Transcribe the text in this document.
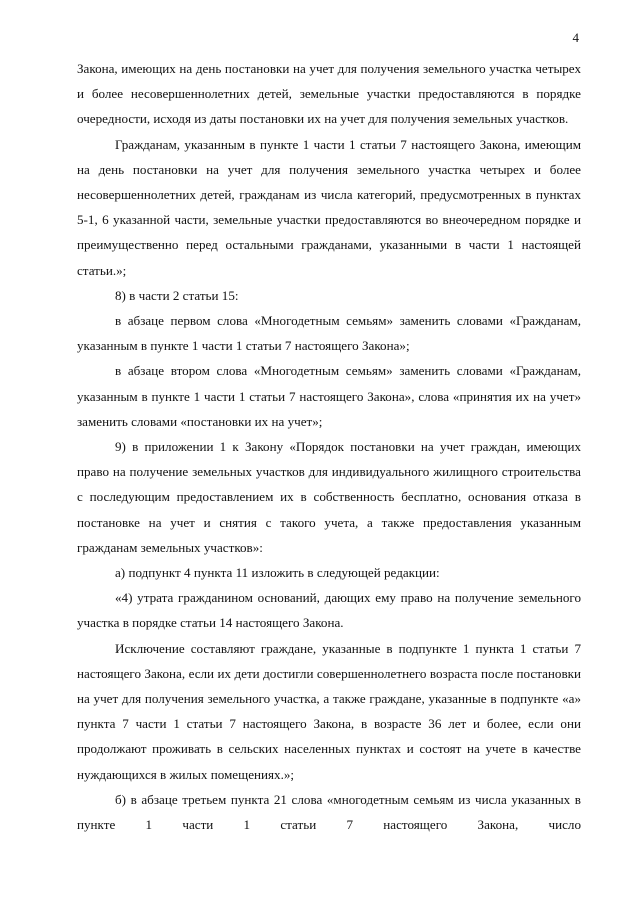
4

Закона, имеющих на день постановки на учет для получения земельного участка четырех и более несовершеннолетних детей, земельные участки предоставляются в порядке очередности, исходя из даты постановки их на учет для получения земельных участков.

Гражданам, указанным в пункте 1 части 1 статьи 7 настоящего Закона, имеющим на день постановки на учет для получения земельного участка четырех и более несовершеннолетних детей, гражданам из числа категорий, предусмотренных в пунктах 5-1, 6 указанной части, земельные участки предоставляются во внеочередном порядке и преимущественно перед остальными гражданами, указанными в части 1 настоящей статьи.»;

8) в части 2 статьи 15:

в абзаце первом слова «Многодетным семьям» заменить словами «Гражданам, указанным в пункте 1 части 1 статьи 7 настоящего Закона»;

в абзаце втором слова «Многодетным семьям» заменить словами «Гражданам, указанным в пункте 1 части 1 статьи 7 настоящего Закона», слова «принятия их на учет» заменить словами «постановки их на учет»;

9) в приложении 1 к Закону «Порядок постановки на учет граждан, имеющих право на получение земельных участков для индивидуального жилищного строительства с последующим предоставлением их в собственность бесплатно, основания отказа в постановке на учет и снятия с такого учета, а также предоставления указанным гражданам земельных участков»:

а) подпункт 4 пункта 11 изложить в следующей редакции:

«4) утрата гражданином оснований, дающих ему право на получение земельного участка в порядке статьи 14 настоящего Закона.

Исключение составляют граждане, указанные в подпункте 1 пункта 1 статьи 7 настоящего Закона, если их дети достигли совершеннолетнего возраста после постановки на учет для получения земельного участка, а также граждане, указанные в подпункте «а» пункта 7 части 1 статьи 7 настоящего Закона, в возрасте 36 лет и более, если они продолжают проживать в сельских населенных пунктах и состоят на учете в качестве нуждающихся в жилых помещениях.»;

б) в абзаце третьем пункта 21 слова «многодетным семьям из числа указанных в пункте 1 части 1 статьи 7 настоящего Закона, число
